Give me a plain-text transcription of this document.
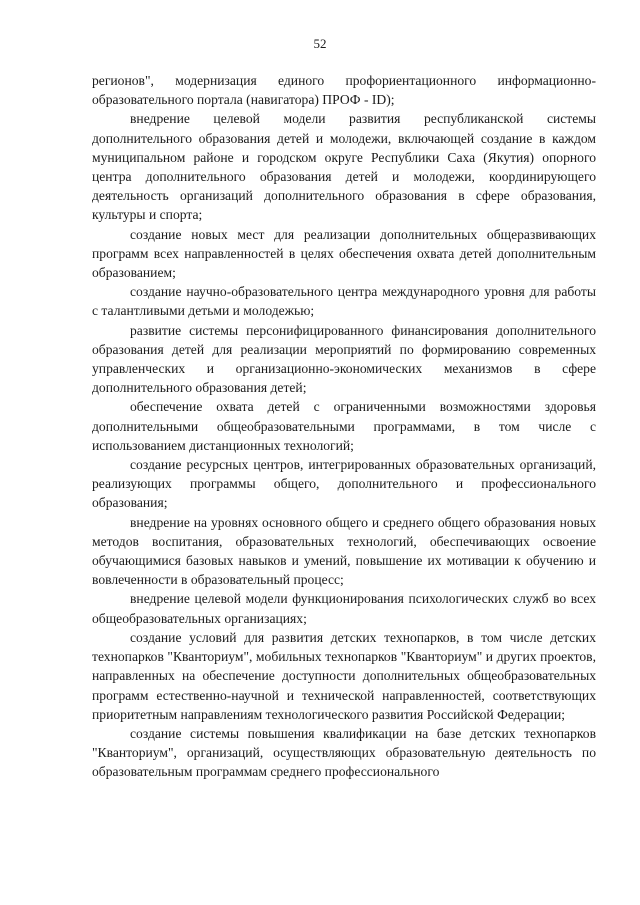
52

регионов", модернизация единого профориентационного информационно-образовательного портала (навигатора) ПРОФ - ID);

внедрение целевой модели развития республиканской системы дополнительного образования детей и молодежи, включающей создание в каждом муниципальном районе и городском округе Республики Саха (Якутия) опорного центра дополнительного образования детей и молодежи, координирующего деятельность организаций дополнительного образования в сфере образования, культуры и спорта;

создание новых мест для реализации дополнительных общеразвивающих программ всех направленностей в целях обеспечения охвата детей дополнительным образованием;

создание научно-образовательного центра международного уровня для работы с талантливыми детьми и молодежью;

развитие системы персонифицированного финансирования дополнительного образования детей для реализации мероприятий по формированию современных управленческих и организационно-экономических механизмов в сфере дополнительного образования детей;

обеспечение охвата детей с ограниченными возможностями здоровья дополнительными общеобразовательными программами, в том числе с использованием дистанционных технологий;

создание ресурсных центров, интегрированных образовательных организаций, реализующих программы общего, дополнительного и профессионального образования;

внедрение на уровнях основного общего и среднего общего образования новых методов воспитания, образовательных технологий, обеспечивающих освоение обучающимися базовых навыков и умений, повышение их мотивации к обучению и вовлеченности в образовательный процесс;

внедрение целевой модели функционирования психологических служб во всех общеобразовательных организациях;

создание условий для развития детских технопарков, в том числе детских технопарков "Кванториум", мобильных технопарков "Кванториум" и других проектов, направленных на обеспечение доступности дополнительных общеобразовательных программ естественно-научной и технической направленностей, соответствующих приоритетным направлениям технологического развития Российской Федерации;

создание системы повышения квалификации на базе детских технопарков "Кванториум", организаций, осуществляющих образовательную деятельность по образовательным программам среднего профессионального
